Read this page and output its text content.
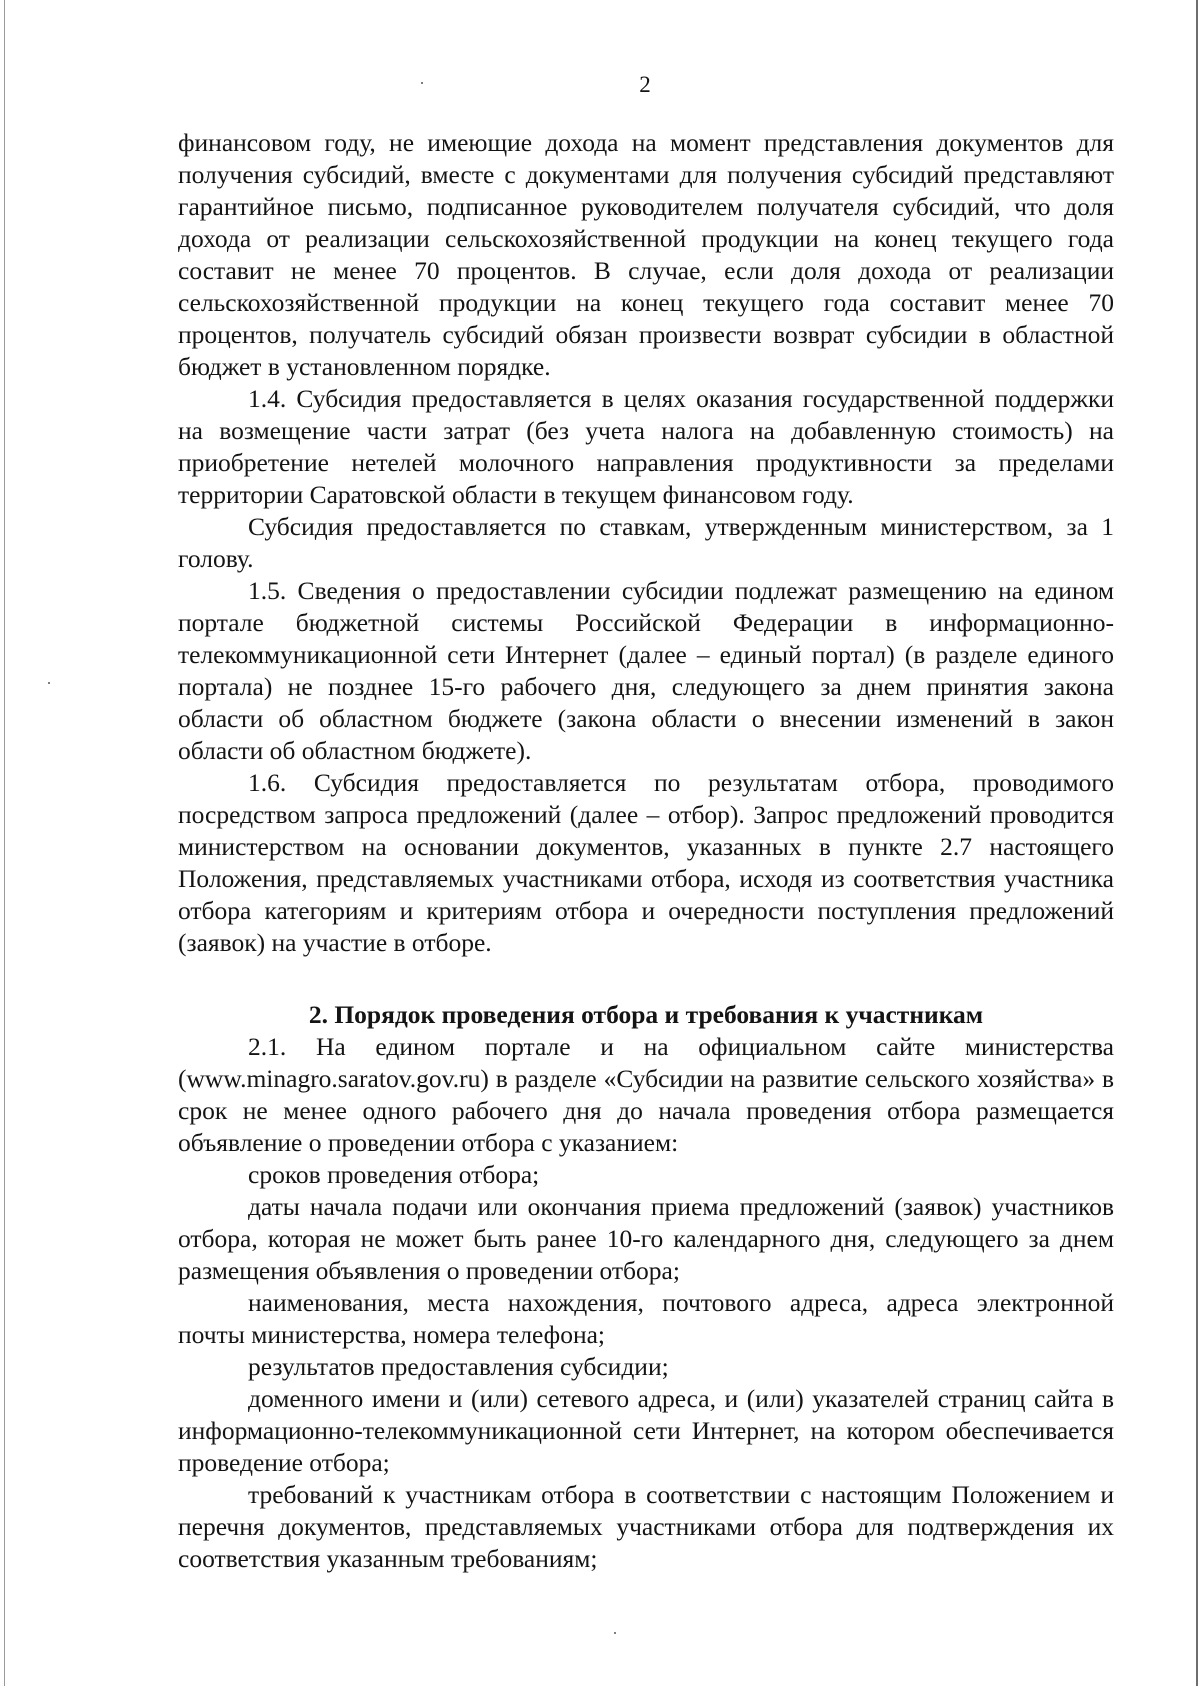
2

финансовом году, не имеющие дохода на момент представления документов для получения субсидий, вместе с документами для получения субсидий представляют гарантийное письмо, подписанное руководителем получателя субсидий, что доля дохода от реализации сельскохозяйственной продукции на конец текущего года составит не менее 70 процентов. В случае, если доля дохода от реализации сельскохозяйственной продукции на конец текущего года составит менее 70 процентов, получатель субсидий обязан произвести возврат субсидии в областной бюджет в установленном порядке.

1.4. Субсидия предоставляется в целях оказания государственной поддержки на возмещение части затрат (без учета налога на добавленную стоимость) на приобретение нетелей молочного направления продуктивности за пределами территории Саратовской области в текущем финансовом году.

Субсидия предоставляется по ставкам, утвержденным министерством, за 1 голову.

1.5. Сведения о предоставлении субсидии подлежат размещению на едином портале бюджетной системы Российской Федерации в информационно-телекоммуникационной сети Интернет (далее – единый портал) (в разделе единого портала) не позднее 15-го рабочего дня, следующего за днем принятия закона области об областном бюджете (закона области о внесении изменений в закон области об областном бюджете).

1.6. Субсидия предоставляется по результатам отбора, проводимого посредством запроса предложений (далее – отбор). Запрос предложений проводится министерством на основании документов, указанных в пункте 2.7 настоящего Положения, представляемых участниками отбора, исходя из соответствия участника отбора категориям и критериям отбора и очередности поступления предложений (заявок) на участие в отборе.

2. Порядок проведения отбора и требования к участникам

2.1. На едином портале и на официальном сайте министерства (www.minagro.saratov.gov.ru) в разделе «Субсидии на развитие сельского хозяйства» в срок не менее одного рабочего дня до начала проведения отбора размещается объявление о проведении отбора с указанием:

сроков проведения отбора;

даты начала подачи или окончания приема предложений (заявок) участников отбора, которая не может быть ранее 10-го календарного дня, следующего за днем размещения объявления о проведении отбора;

наименования, места нахождения, почтового адреса, адреса электронной почты министерства, номера телефона;

результатов предоставления субсидии;

доменного имени и (или) сетевого адреса, и (или) указателей страниц сайта в информационно-телекоммуникационной сети Интернет, на котором обеспечивается проведение отбора;

требований к участникам отбора в соответствии с настоящим Положением и перечня документов, представляемых участниками отбора для подтверждения их соответствия указанным требованиям;
